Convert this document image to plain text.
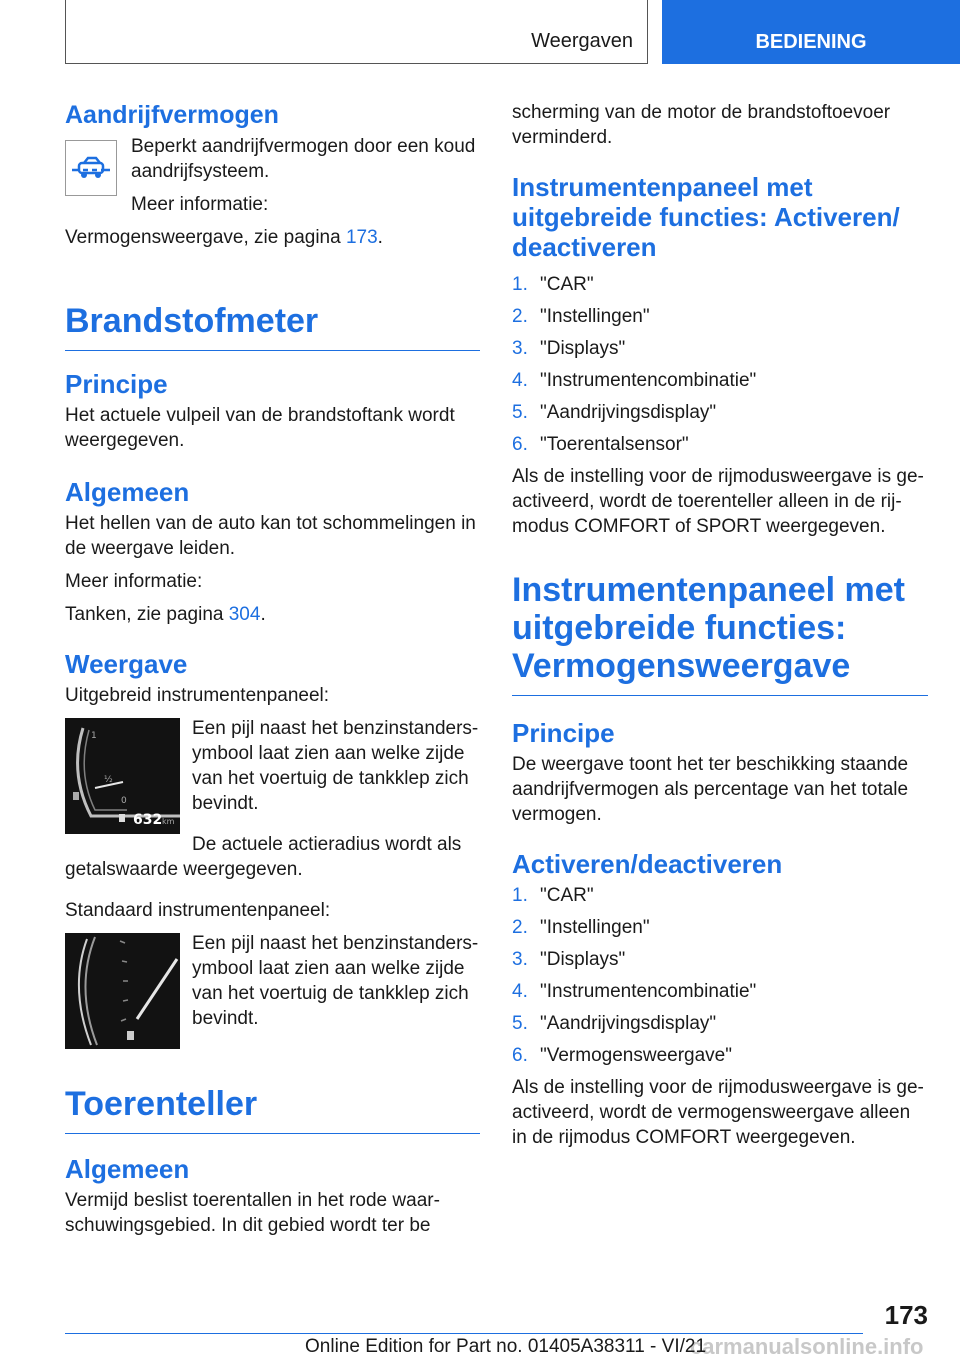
Weergaven	BEDIENING
Aandrijfvermogen

Beperkt aandrijfvermogen door een koud aandrijfsysteem.

Meer informatie:

Vermogensweergave, zie pagina 173.

Brandstofmeter
Principe

Het actuele vulpeil van de brandstoftank wordt weergegeven.

Algemeen

Het hellen van de auto kan tot schommelingen in de weergave leiden.

Meer informatie:

Tanken, zie pagina 304.

Weergave

Uitgebreid instrumentenpaneel:

1
½
0
632 km

Een pijl naast het benzinstandersymbool laat zien aan welke zijde van het voertuig de tankklep zich bevindt.

De actuele actieradius wordt als getalswaarde weergegeven.

Standaard instrumentenpaneel:

Een pijl naast het benzinstandersymbool laat zien aan welke zijde van het voertuig de tankklep zich bevindt.

Toerenteller
Algemeen

Vermijd beslist toerentallen in het rode waarschuwingsgebied. In dit gebied wordt ter be

scherming van de motor de brandstoftoevoer verminderd.

Instrumentenpaneel met uitgebreide functies: Activeren/ deactiveren
1. "CAR"
2. "Instellingen"
3. "Displays"
4. "Instrumentencombinatie"
5. "Aandrijvingsdisplay"
6. "Toerentalsensor"

Als de instelling voor de rijmodusweergave is geactiveerd, wordt de toerenteller alleen in de rijmodus COMFORT of SPORT weergegeven.

Instrumentenpaneel met uitgebreide functies: Vermogensweergave
Principe

De weergave toont het ter beschikking staande aandrijfvermogen als percentage van het totale vermogen.

Activeren/deactiveren
1. "CAR"
2. "Instellingen"
3. "Displays"
4. "Instrumentencombinatie"
5. "Aandrijvingsdisplay"
6. "Vermogensweergave"

Als de instelling voor de rijmodusweergave is geactiveerd, wordt de vermogensweergave alleen in de rijmodus COMFORT weergegeven.

173
carmanualsonline.info
Online Edition for Part no. 01405A38311 - VI/21
